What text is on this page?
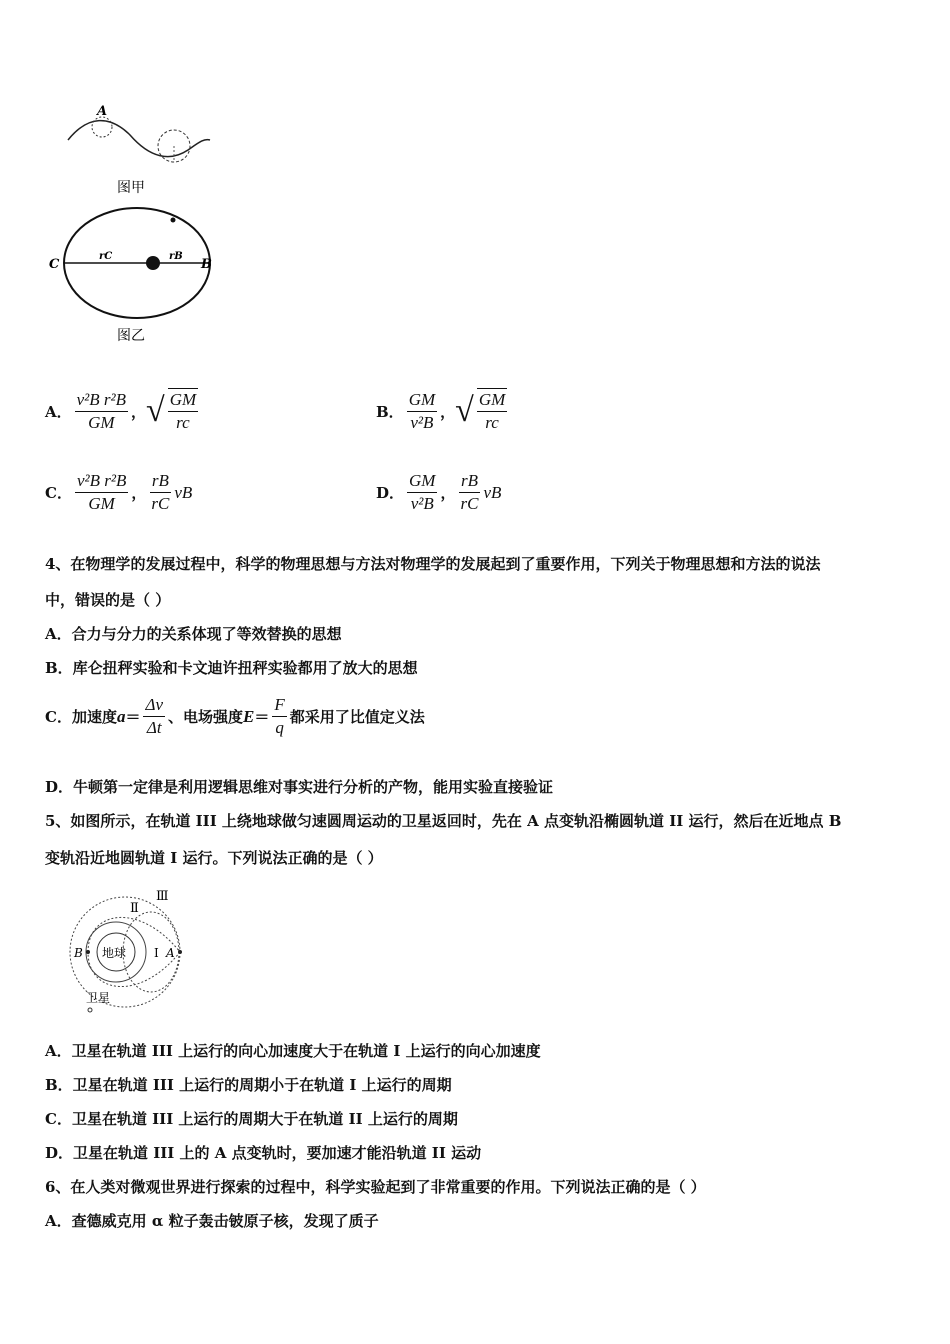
A
图甲
C	B
rC	rB
图乙
A． $\frac{\text{v²B r²B}}{GM}$ ， √ $\frac{GM}{rc}$	B． $\frac{GM}{\text{v²B}}$ ， √ $\frac{GM}{rc}$
C． $\frac{\text{v²B r²B}}{GM}$ ， $\frac{rB}{rC}$ vB	D． $\frac{GM}{\text{v²B}}$ ， $\frac{rB}{rC}$ vB
4、在物理学的发展过程中，科学的物理思想与方法对物理学的发展起到了重要作用，下列关于物理思想和方法的说法
中，错误的是（ ）
A．合力与分力的关系体现了等效替换的思想
B．库仑扭秤实验和卡文迪许扭秤实验都用了放大的思想
C．加速度 $a = \frac{\Delta v}{\Delta t}$ 、电场强度 $E = \frac{F}{q}$ 都采用了比值定义法
D．牛顿第一定律是利用逻辑思维对事实进行分析的产物，能用实验直接验证
5、如图所示，在轨道 III 上绕地球做匀速圆周运动的卫星返回时，先在 A 点变轨沿椭圆轨道 II 运行，然后在近地点 B
变轨沿近地圆轨道 I 运行。下列说法正确的是（ ）
地球
Ⅲ
Ⅱ
I A
B
卫星
A．卫星在轨道 III 上运行的向心加速度大于在轨道 I 上运行的向心加速度
B．卫星在轨道 III 上运行的周期小于在轨道 I 上运行的周期
C．卫星在轨道 III 上运行的周期大于在轨道 II 上运行的周期
D．卫星在轨道 III 上的 A 点变轨时，要加速才能沿轨道 II 运动
6、在人类对微观世界进行探索的过程中，科学实验起到了非常重要的作用。下列说法正确的是（ ）
A．查德威克用 α 粒子轰击铍原子核，发现了质子
